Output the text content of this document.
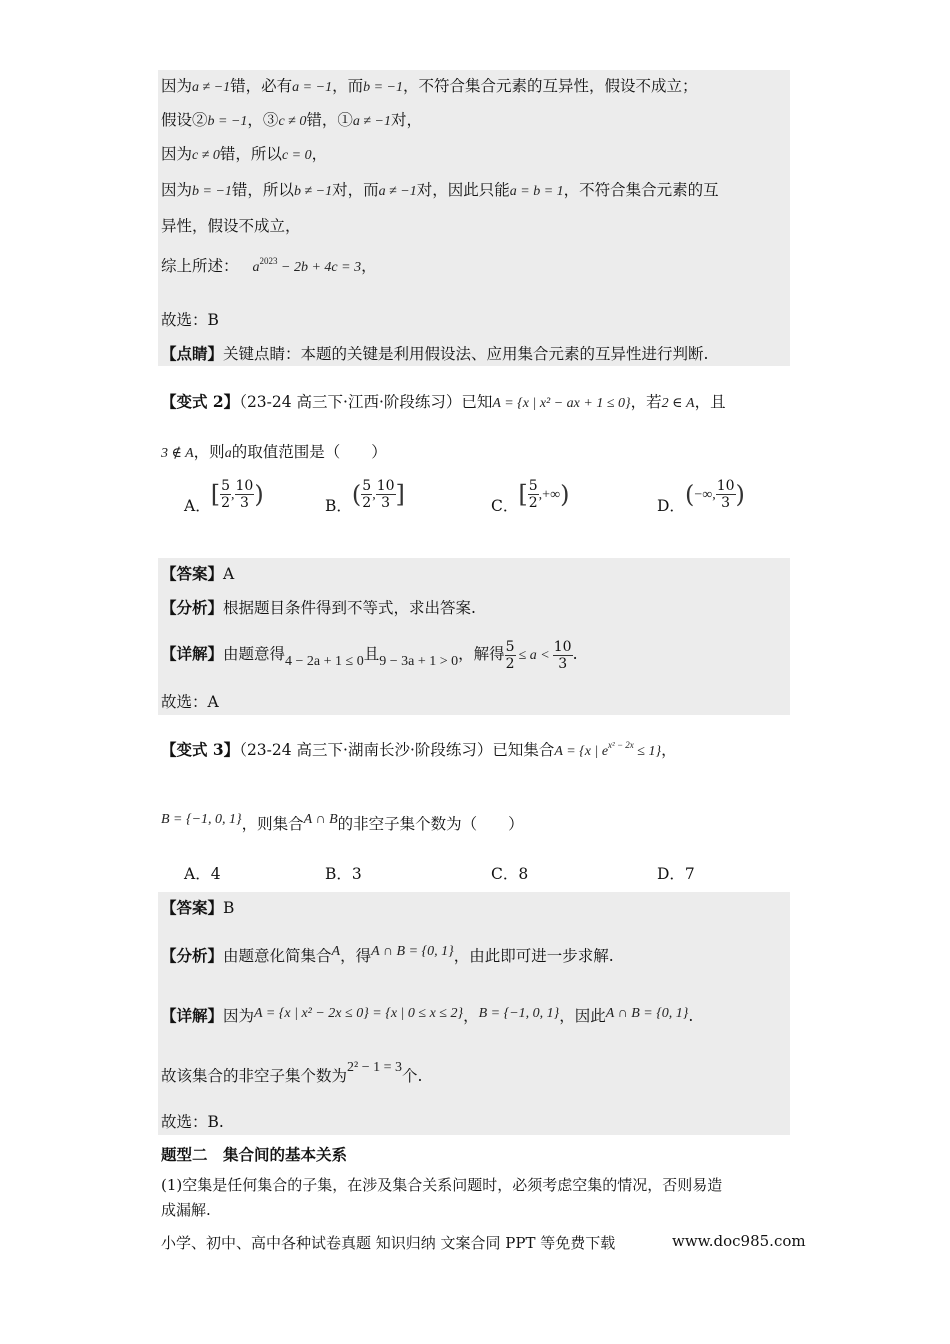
因为a ≠ −1错，必有a = −1，而b = −1，不符合集合元素的互异性，假设不成立；
假设②b = −1，③c ≠ 0错，①a ≠ −1对，
因为c ≠ 0错，所以c = 0，
因为b = −1错，所以b ≠ −1对，而a ≠ −1对，因此只能a = b = 1，不符合集合元素的互
异性，假设不成立，
综上所述： $a^{2023} - 2b + 4c = 3$，
故选：B
【点睛】关键点睛：本题的关键是利用假设法、应用集合元素的互异性进行判断.
【变式 2】（23-24 高三下·江西·阶段练习）已知A = {x | x² − ax + 1 ≤ 0}，若2 ∈ A，且
3 ∉ A，则a的取值范围是（　　）
A．[ $\frac{5}{2}$ , $\frac{10}{3}$ )	B．( $\frac{5}{2}$ , $\frac{10}{3}$ ]	C．[ $\frac{5}{2}$ ,+∞)	D．(−∞, $\frac{10}{3}$ )
【答案】A
【分析】根据题目条件得到不等式，求出答案.
【详解】由题意得4 − 2a + 1 ≤ 0且9 − 3a + 1 > 0，解得 $\frac{5}{2} \le a < \frac{10}{3}$ .
故选：A
【变式 3】（23-24 高三下·湖南长沙·阶段练习）已知集合A = {x | $e^{x^2 - 2x} \le 1$}，
B = {−1, 0, 1}，则集合A ∩ B的非空子集个数为（　　）
A．4	B．3	C．8	D．7
【答案】B
【分析】由题意化简集合A，得A ∩ B = {0, 1}，由此即可进一步求解.
【详解】因为A = {x | x² − 2x ≤ 0} = {x | 0 ≤ x ≤ 2}，B = {−1, 0, 1}，因此A ∩ B = {0, 1}.
故该集合的非空子集个数为2² − 1 = 3个.
故选：B.
题型二　集合间的基本关系
(1)空集是任何集合的子集，在涉及集合关系问题时，必须考虑空集的情况，否则易造
成漏解.
小学、初中、高中各种试卷真题 知识归纳 文案合同 PPT 等免费下载	www.doc985.com
